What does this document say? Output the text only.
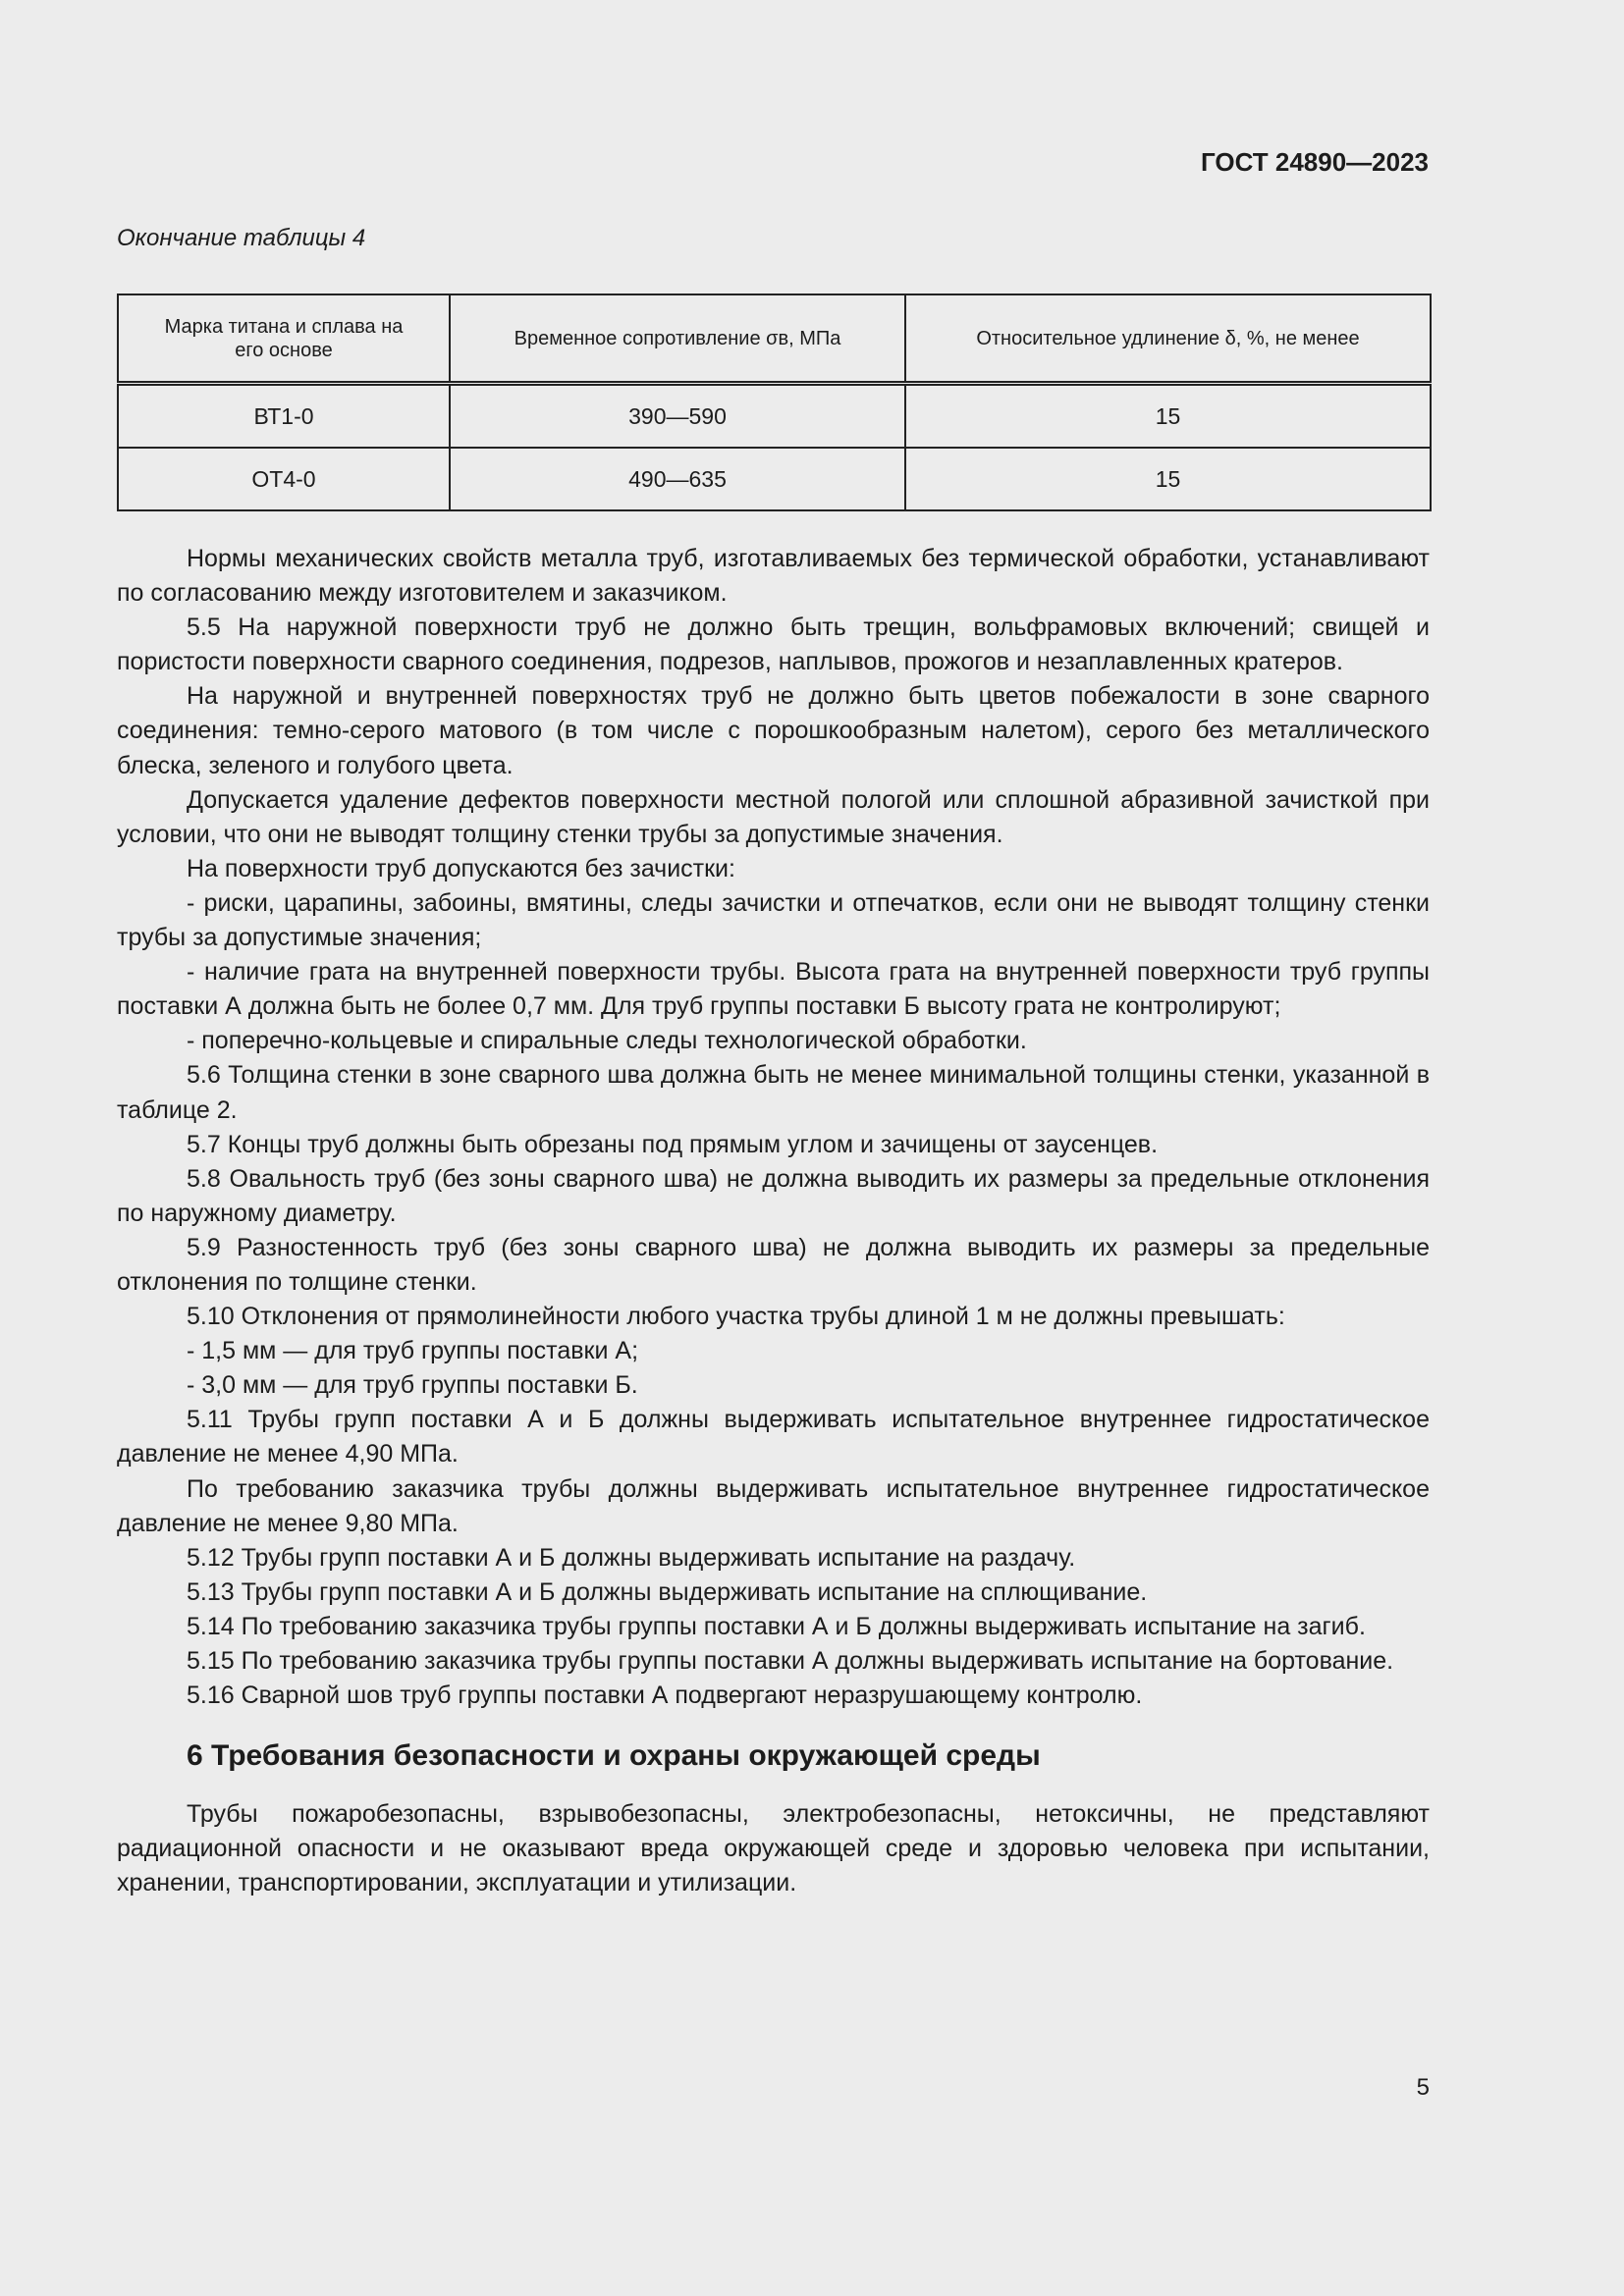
ГОСТ 24890—2023
Окончание таблицы 4
Марка титана и сплава на его основе	Временное сопротивление σв, МПа	Относительное удлинение δ, %, не менее
ВТ1-0	390—590	15
ОТ4-0	490—635	15

Нормы механических свойств металла труб, изготавливаемых без термической обработки, устанавливают по согласованию между изготовителем и заказчиком.

5.5 На наружной поверхности труб не должно быть трещин, вольфрамовых включений; свищей и пористости поверхности сварного соединения, подрезов, наплывов, прожогов и незаплавленных кратеров.

На наружной и внутренней поверхностях труб не должно быть цветов побежалости в зоне сварного соединения: темно-серого матового (в том числе с порошкообразным налетом), серого без металлического блеска, зеленого и голубого цвета.

Допускается удаление дефектов поверхности местной пологой или сплошной абразивной зачисткой при условии, что они не выводят толщину стенки трубы за допустимые значения.

На поверхности труб допускаются без зачистки:

- риски, царапины, забоины, вмятины, следы зачистки и отпечатков, если они не выводят толщину стенки трубы за допустимые значения;

- наличие грата на внутренней поверхности трубы. Высота грата на внутренней поверхности труб группы поставки А должна быть не более 0,7 мм. Для труб группы поставки Б высоту грата не контролируют;

- поперечно-кольцевые и спиральные следы технологической обработки.

5.6 Толщина стенки в зоне сварного шва должна быть не менее минимальной толщины стенки, указанной в таблице 2.

5.7 Концы труб должны быть обрезаны под прямым углом и зачищены от заусенцев.

5.8 Овальность труб (без зоны сварного шва) не должна выводить их размеры за предельные отклонения по наружному диаметру.

5.9 Разностенность труб (без зоны сварного шва) не должна выводить их размеры за предельные отклонения по толщине стенки.

5.10 Отклонения от прямолинейности любого участка трубы длиной 1 м не должны превышать:

- 1,5 мм — для труб группы поставки А;

- 3,0 мм — для труб группы поставки Б.

5.11 Трубы групп поставки А и Б должны выдерживать испытательное внутреннее гидростатическое давление не менее 4,90 МПа.

По требованию заказчика трубы должны выдерживать испытательное внутреннее гидростатическое давление не менее 9,80 МПа.

5.12 Трубы групп поставки А и Б должны выдерживать испытание на раздачу.

5.13 Трубы групп поставки А и Б должны выдерживать испытание на сплющивание.

5.14 По требованию заказчика трубы группы поставки А и Б должны выдерживать испытание на загиб.

5.15 По требованию заказчика трубы группы поставки А должны выдерживать испытание на бортование.

5.16 Сварной шов труб группы поставки А подвергают неразрушающему контролю.

6 Требования безопасности и охраны окружающей среды

Трубы пожаробезопасны, взрывобезопасны, электробезопасны, нетоксичны, не представляют радиационной опасности и не оказывают вреда окружающей среде и здоровью человека при испытании, хранении, транспортировании, эксплуатации и утилизации.

5
